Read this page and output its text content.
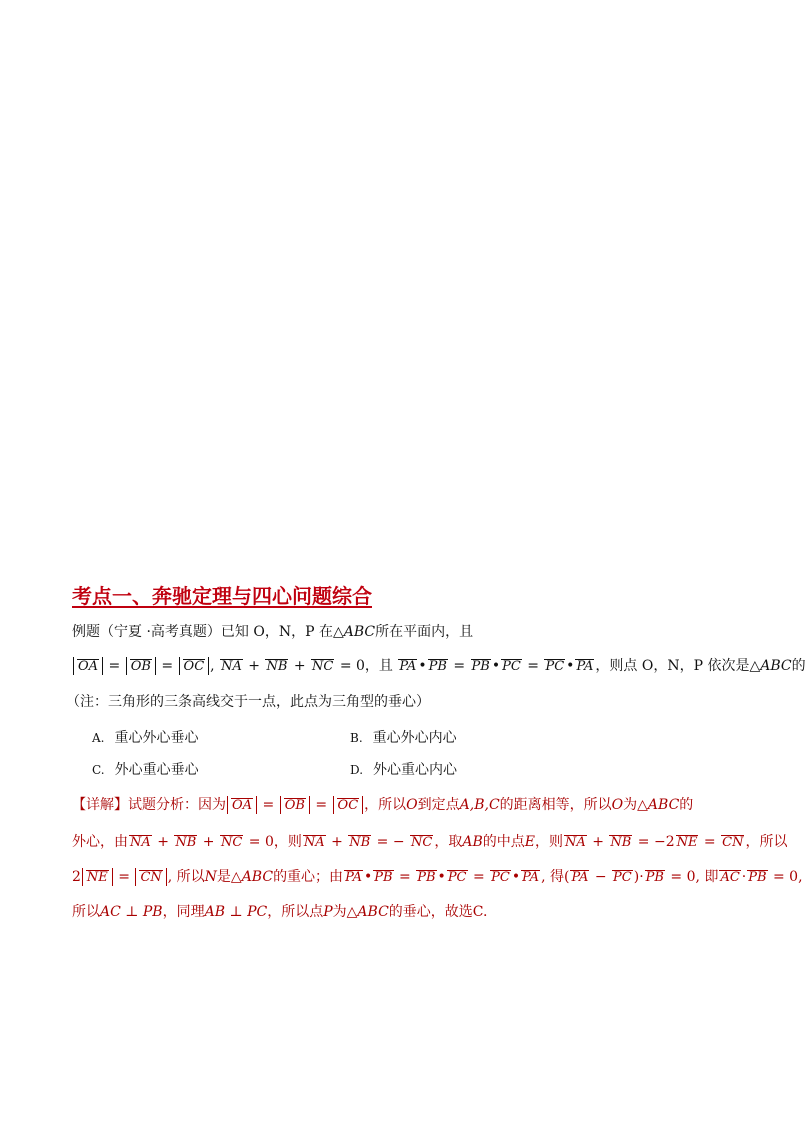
考点一、奔驰定理与四心问题综合
例题（宁夏 ·高考真题）已知 O，N，P 在△ABC所在平面内，且
OA = OB = OC , NA + NB + NC = 0，且 PA • PB = PB • PC = PC • PA ，则点 O，N，P 依次是△ABC的
（注：三角形的三条高线交于一点，此点为三角型的垂心）
A. 重心外心垂心	B. 重心外心内心
C. 外心重心垂心	D. 外心重心内心
【详解】试题分析：因为 OA = OB = OC ，所以O到定点A,B,C的距离相等，所以O为△ABC的
外心，由 NA + NB + NC = 0，则 NA + NB = − NC ，取AB的中点E，则 NA + NB = −2 NE = CN ，所以
2 NE = CN , 所以N是△ABC的重心；由 PA • PB = PB • PC = PC • PA , 得( PA − PC )· PB = 0, 即 AC · PB = 0,
所以AC ⊥ PB，同理AB ⊥ PC，所以点P为△ABC的垂心，故选C.
